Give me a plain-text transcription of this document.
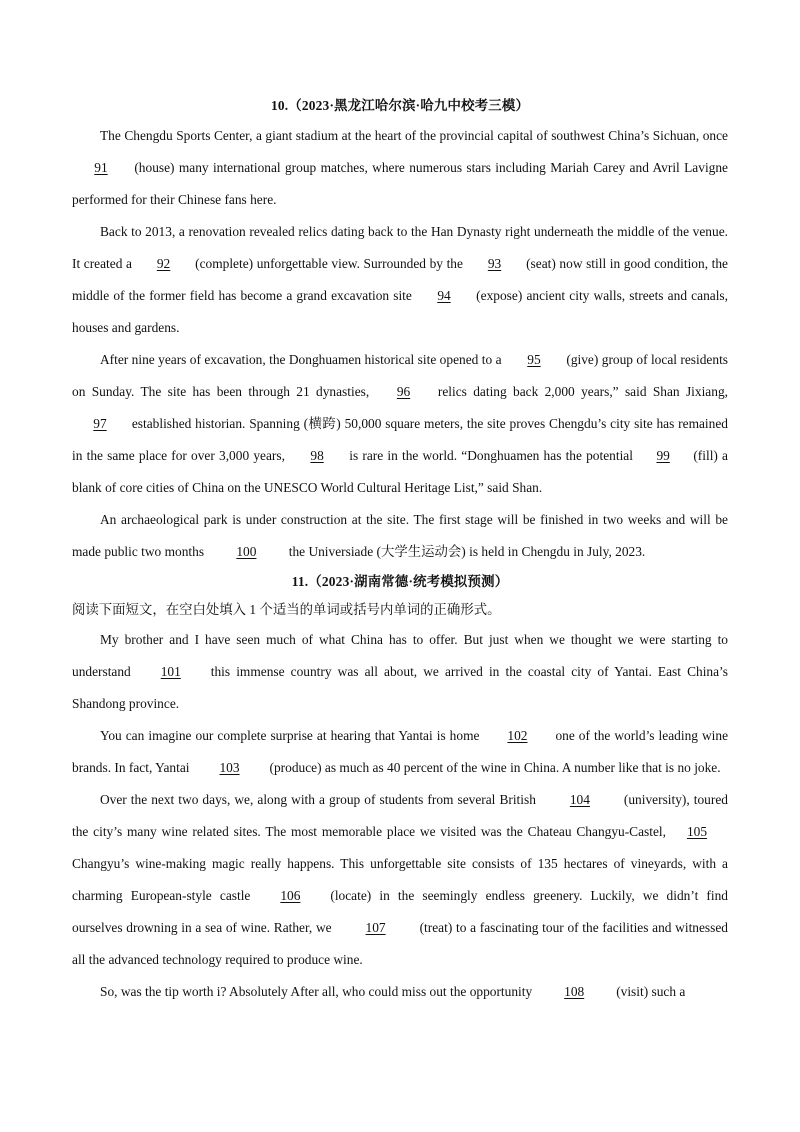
10.（2023·黑龙江哈尔滨·哈九中校考三模）

The Chengdu Sports Center, a giant stadium at the heart of the provincial capital of southwest China’s Sichuan, once 91 (house) many international group matches, where numerous stars including Mariah Carey and Avril Lavigne performed for their Chinese fans here.

Back to 2013, a renovation revealed relics dating back to the Han Dynasty right underneath the middle of the venue. It created a 92 (complete) unforgettable view. Surrounded by the 93 (seat) now still in good condition, the middle of the former field has become a grand excavation site 94 (expose) ancient city walls, streets and canals, houses and gardens.

After nine years of excavation, the Donghuamen historical site opened to a 95 (give) group of local residents on Sunday. The site has been through 21 dynasties, 96 relics dating back 2,000 years,” said Shan Jixiang, 97 established historian. Spanning (横跨) 50,000 square meters, the site proves Chengdu’s city site has remained in the same place for over 3,000 years, 98 is rare in the world. “Donghuamen has the potential 99 (fill) a blank of core cities of China on the UNESCO World Cultural Heritage List,” said Shan.

An archaeological park is under construction at the site. The first stage will be finished in two weeks and will be made public two months 100 the Universiade (大学生运动会) is held in Chengdu in July, 2023.

11.（2023·湖南常德·统考模拟预测）

阅读下面短文，在空白处填入 1 个适当的单词或括号内单词的正确形式。

My brother and I have seen much of what China has to offer. But just when we thought we were starting to understand 101 this immense country was all about, we arrived in the coastal city of Yantai. East China’s Shandong province.

You can imagine our complete surprise at hearing that Yantai is home 102 one of the world’s leading wine brands. In fact, Yantai 103 (produce) as much as 40 percent of the wine in China. A number like that is no joke.

Over the next two days, we, along with a group of students from several British	104	(university), toured the city’s many wine related sites. The most memorable place we visited was the Chateau Changyu-Castel, 105Changyu’s wine-making magic really happens. This unforgettable site consists of 135 hectares of vineyards, with a charming European-style castle 106 (locate) in the seemingly endless greenery. Luckily, we didn’t find ourselves drowning in a sea of wine. Rather, we	107	(treat) to a fascinating tour of the facilities and witnessed all the advanced technology required to produce wine.

So, was the tip worth i? Absolutely After all, who could miss out the opportunity 108 (visit) such a
